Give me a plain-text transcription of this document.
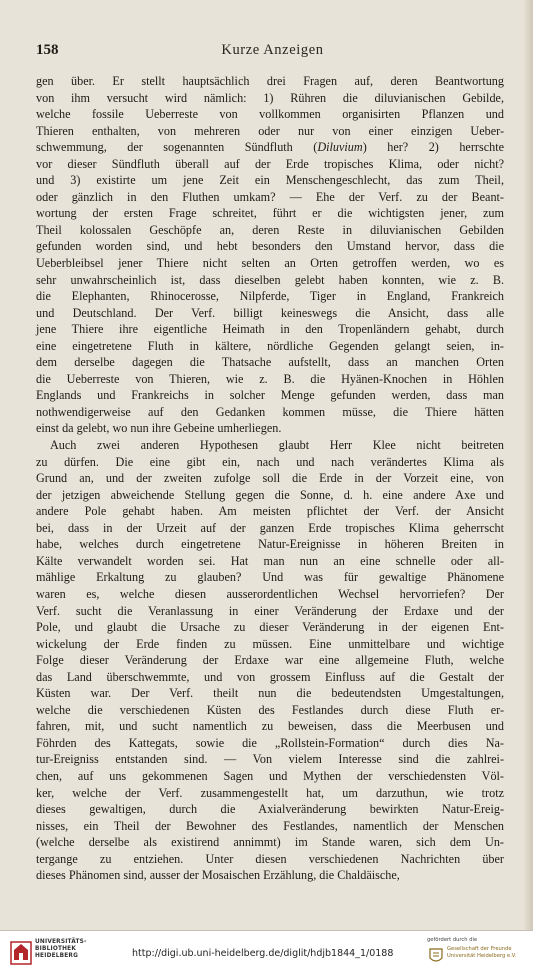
158	Kurze Anzeigen
gen über. Er stellt hauptsächlich drei Fragen auf, deren Beantwortung
von ihm versucht wird nämlich: 1) Rühren die diluvianischen Gebilde,
welche fossile Ueberreste von vollkommen organisirten Pflanzen und
Thieren enthalten, von mehreren oder nur von einer einzigen Ueber-
schwemmung, der sogenannten Sündfluth (Diluvium) her? 2) herrschte
vor dieser Sündfluth überall auf der Erde tropisches Klima, oder nicht?
und 3) existirte um jene Zeit ein Menschengeschlecht, das zum Theil,
oder gänzlich in den Fluthen umkam? — Ehe der Verf. zu der Beant-
wortung der ersten Frage schreitet, führt er die wichtigsten jener, zum
Theil kolossalen Geschöpfe an, deren Reste in diluvianischen Gebilden
gefunden worden sind, und hebt besonders den Umstand hervor, dass die
Ueberbleibsel jener Thiere nicht selten an Orten getroffen werden, wo es
sehr unwahrscheinlich ist, dass dieselben gelebt haben konnten, wie z. B.
die Elephanten, Rhinocerosse, Nilpferde, Tiger in England, Frankreich
und Deutschland. Der Verf. billigt keineswegs die Ansicht, dass alle
jene Thiere ihre eigentliche Heimath in den Tropenländern gehabt, durch
eine eingetretene Fluth in kältere, nördliche Gegenden gelangt seien, in-
dem derselbe dagegen die Thatsache aufstellt, dass an manchen Orten
die Ueberreste von Thieren, wie z. B. die Hyänen-Knochen in Höhlen
Englands und Frankreichs in solcher Menge gefunden werden, dass man
nothwendigerweise auf den Gedanken kommen müsse, die Thiere hätten
einst da gelebt, wo nun ihre Gebeine umherliegen.
Auch zwei anderen Hypothesen glaubt Herr Klee nicht beitreten
zu dürfen. Die eine gibt ein, nach und nach verändertes Klima als
Grund an, und der zweiten zufolge soll die Erde in der Vorzeit eine, von
der jetzigen abweichende Stellung gegen die Sonne, d. h. eine andere Axe und
andere Pole gehabt haben. Am meisten pflichtet der Verf. der Ansicht
bei, dass in der Urzeit auf der ganzen Erde tropisches Klima geherrscht
habe, welches durch eingetretene Natur-Ereignisse in höheren Breiten in
Kälte verwandelt worden sei. Hat man nun an eine schnelle oder all-
mählige Erkaltung zu glauben? Und was für gewaltige Phänomene
waren es, welche diesen ausserordentlichen Wechsel hervorriefen? Der
Verf. sucht die Veranlassung in einer Veränderung der Erdaxe und der
Pole, und glaubt die Ursache zu dieser Veränderung in der eigenen Ent-
wickelung der Erde finden zu müssen. Eine unmittelbare und wichtige
Folge dieser Veränderung der Erdaxe war eine allgemeine Fluth, welche
das Land überschwemmte, und von grossem Einfluss auf die Gestalt der
Küsten war. Der Verf. theilt nun die bedeutendsten Umgestaltungen,
welche die verschiedenen Küsten des Festlandes durch diese Fluth er-
fahren, mit, und sucht namentlich zu beweisen, dass die Meerbusen und
Föhrden des Kattegats, sowie die „Rollstein-Formation“ durch dies Na-
tur-Ereigniss entstanden sind. — Von vielem Interesse sind die zahlrei-
chen, auf uns gekommenen Sagen und Mythen der verschiedensten Völ-
ker, welche der Verf. zusammengestellt hat, um darzuthun, wie trotz
dieses gewaltigen, durch die Axialveränderung bewirkten Natur-Ereig-
nisses, ein Theil der Bewohner des Festlandes, namentlich der Menschen
(welche derselbe als existirend annimmt) im Stande waren, sich dem Un-
tergange zu entziehen. Unter diesen verschiedenen Nachrichten über
dieses Phänomen sind, ausser der Mosaischen Erzählung, die Chaldäische,
UNIVERSITÄTS-
BIBLIOTHEK
HEIDELBERG	http://digi.ub.uni-heidelberg.de/diglit/hdjb1844_1/0188
gefördert durch die
Gesellschaft der Freunde
Universität Heidelberg e.V.
